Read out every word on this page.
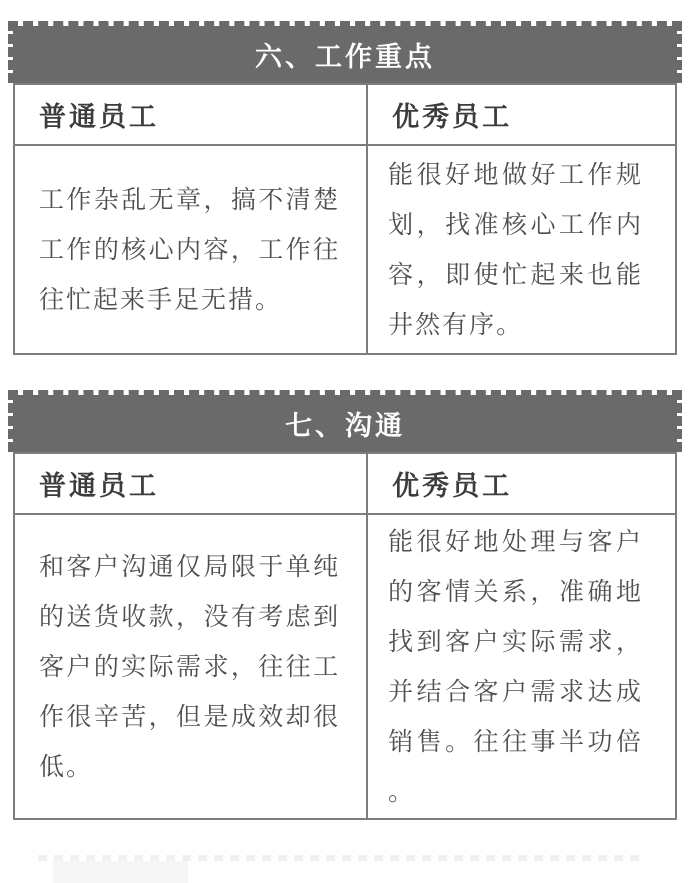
六、工作重点
普通员工	优秀员工
工作杂乱无章，搞不清楚工作的核心内容，工作往往忙起来手足无措。
能很好地做好工作规划，找准核心工作内容，即使忙起来也能井然有序。
七、沟通
普通员工	优秀员工
和客户沟通仅局限于单纯的送货收款，没有考虑到客户的实际需求，往往工作很辛苦，但是成效却很低。
能很好地处理与客户的客情关系，准确地找到客户实际需求，并结合客户需求达成销售。往往事半功倍。
